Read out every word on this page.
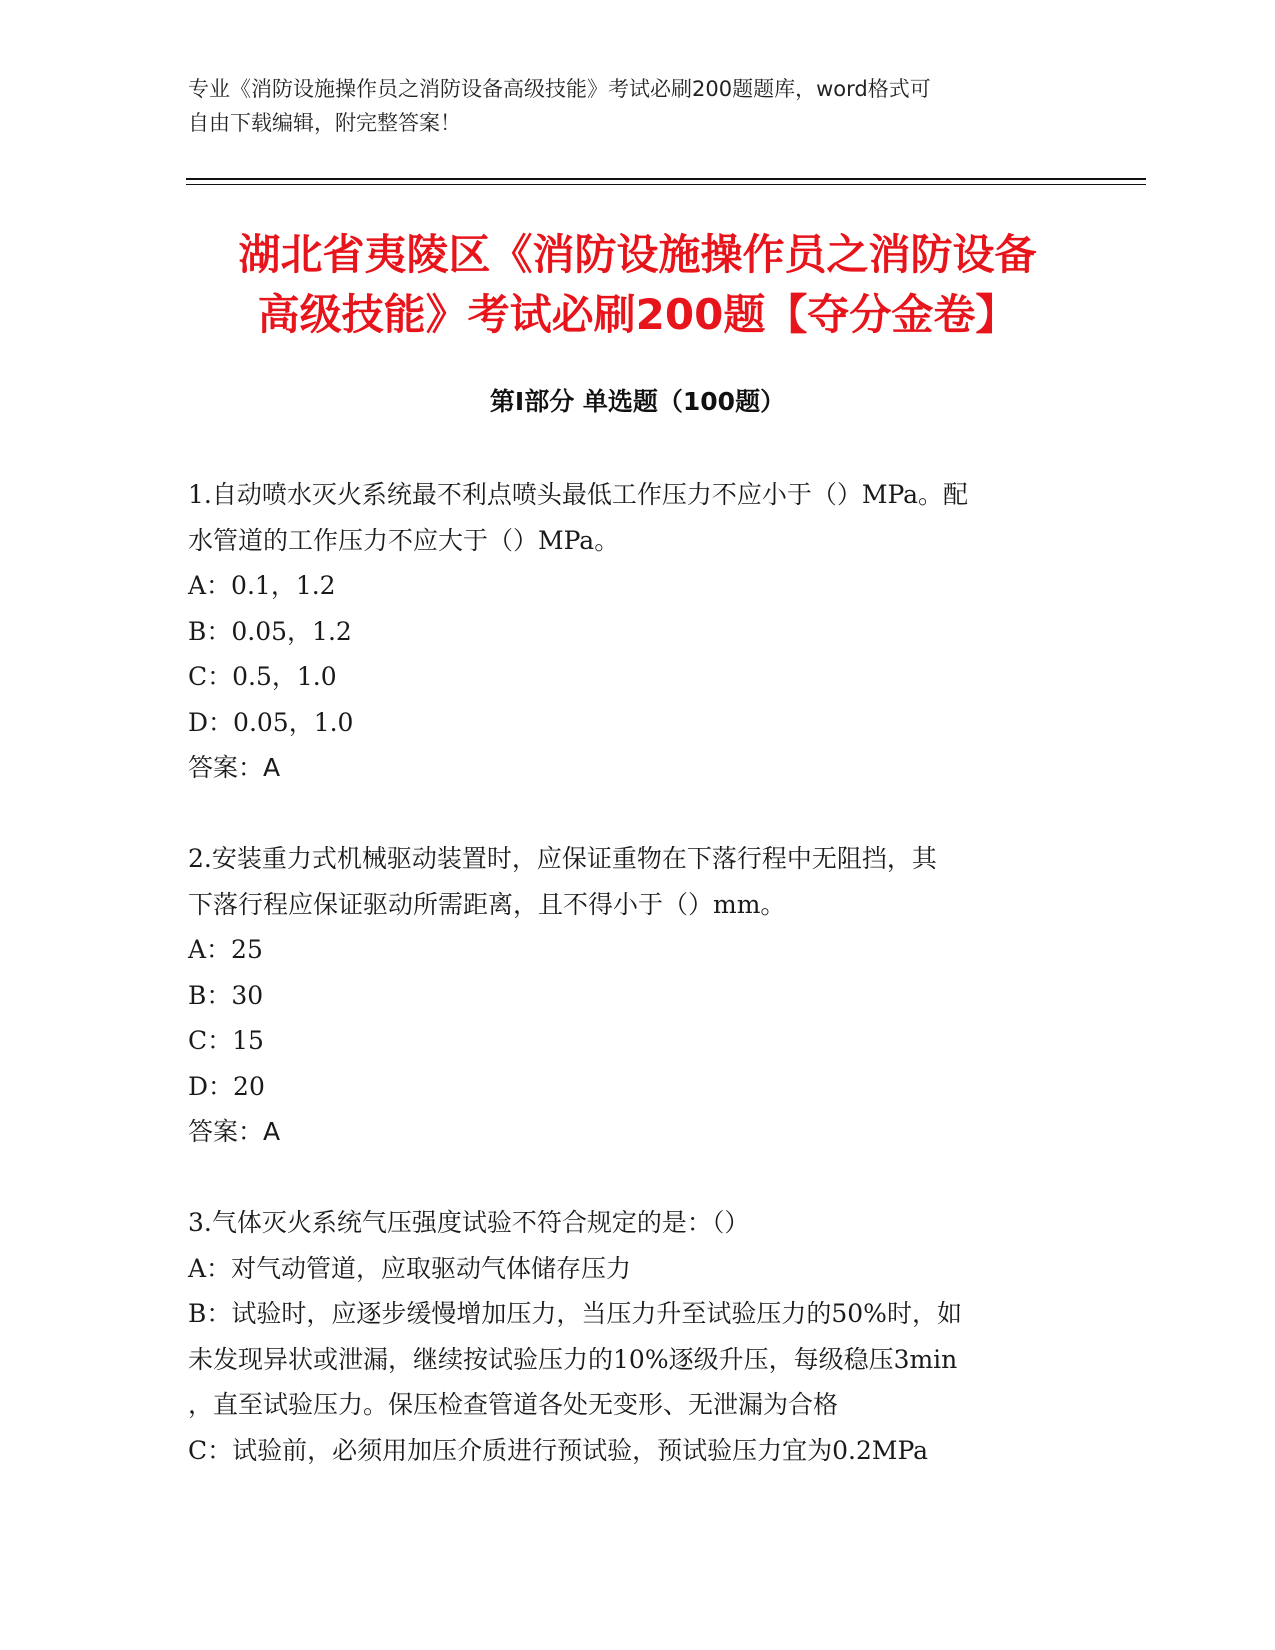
专业《消防设施操作员之消防设备高级技能》考试必刷200题题库，word格式可
自由下载编辑，附完整答案！
湖北省夷陵区《消防设施操作员之消防设备
高级技能》考试必刷200题【夺分金卷】
第Ⅰ部分 单选题（100题）
1.自动喷水灭火系统最不利点喷头最低工作压力不应小于（）MPa。配
水管道的工作压力不应大于（）MPa。
A：0.1，1.2
B：0.05，1.2
C：0.5，1.0
D：0.05，1.0
答案：A
2.安装重力式机械驱动装置时，应保证重物在下落行程中无阻挡，其
下落行程应保证驱动所需距离，且不得小于（）mm。
A：25
B：30
C：15
D：20
答案：A
3.气体灭火系统气压强度试验不符合规定的是：（）
A：对气动管道，应取驱动气体储存压力
B：试验时，应逐步缓慢增加压力，当压力升至试验压力的50%时，如
未发现异状或泄漏，继续按试验压力的10%逐级升压，每级稳压3min
，直至试验压力。保压检查管道各处无变形、无泄漏为合格
C：试验前，必须用加压介质进行预试验，预试验压力宜为0.2MPa
